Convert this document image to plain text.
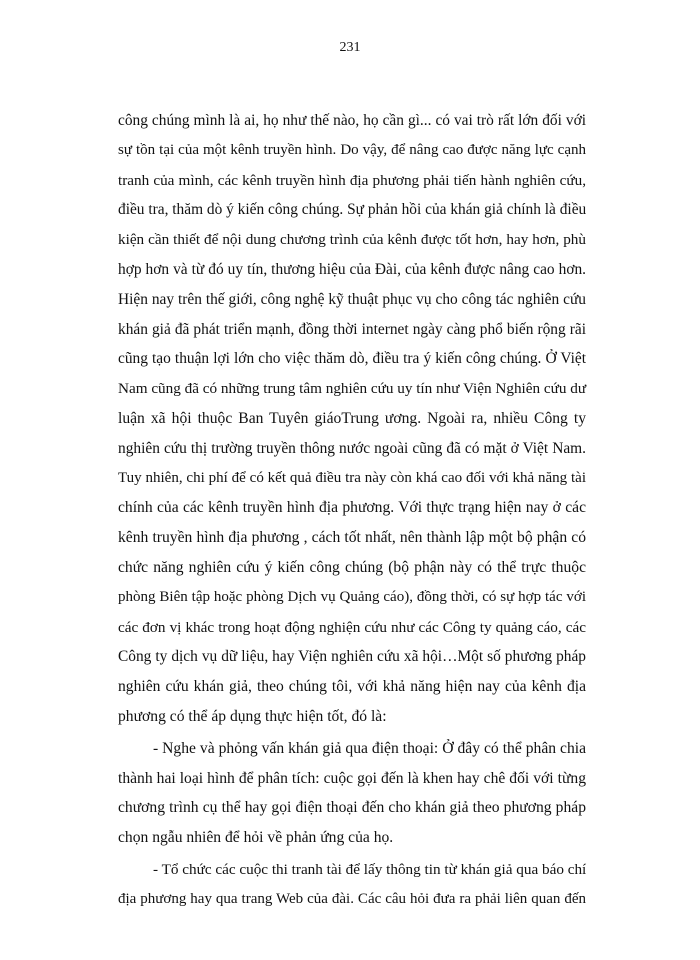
231
công chúng mình là ai, họ như thế nào, họ cần gì... có vai trò rất lớn đối với
sự tồn tại của một kênh truyền hình. Do vậy, để nâng cao được năng lực cạnh
tranh của mình, các kênh truyền hình địa phương phải tiến hành nghiên cứu,
điều tra, thăm dò ý kiến công chúng. Sự phản hồi của khán giả chính là điều
kiện cần thiết để nội dung chương trình của kênh được tốt hơn, hay hơn, phù
hợp hơn và từ đó uy tín, thương hiệu của Đài, của kênh được nâng cao hơn.
Hiện nay trên thế giới, công nghệ kỹ thuật phục vụ cho công tác nghiên cứu
khán giả đã phát triển mạnh, đồng thời internet ngày càng phổ biến rộng rãi
cũng tạo thuận lợi lớn cho việc thăm dò, điều tra ý kiến công chúng. Ở Việt
Nam cũng đã có những trung tâm nghiên cứu uy tín như Viện Nghiên cứu dư
luận xã hội thuộc Ban Tuyên giáoTrung ương. Ngoài ra, nhiều Công ty
nghiên cứu thị trường truyền thông nước ngoài cũng đã có mặt ở Việt Nam.
Tuy nhiên, chi phí để có kết quả điều tra này còn khá cao đối với khả năng tài
chính của các kênh truyền hình địa phương. Với thực trạng hiện nay ở các
kênh truyền hình địa phương , cách tốt nhất, nên thành lập một bộ phận có
chức năng nghiên cứu ý kiến công chúng (bộ phận này có thể trực thuộc
phòng Biên tập hoặc phòng Dịch vụ Quảng cáo), đồng thời, có sự hợp tác với
các đơn vị khác trong hoạt động nghiện cứu như các Công ty quảng cáo, các
Công ty dịch vụ dữ liệu, hay Viện nghiên cứu xã hội…Một số phương pháp
nghiên cứu khán giả, theo chúng tôi, với khả năng hiện nay của kênh địa
phương có thể áp dụng thực hiện tốt, đó là:
- Nghe và phỏng vấn khán giả qua điện thoại: Ở đây có thể phân chia
thành hai loại hình để phân tích: cuộc gọi đến là khen hay chê đối với từng
chương trình cụ thể hay gọi điện thoại đến cho khán giả theo phương pháp
chọn ngẫu nhiên để hỏi về phản ứng của họ.
- Tổ chức các cuộc thi tranh tài để lấy thông tin từ khán giả qua báo chí
địa phương hay qua trang Web của đài. Các câu hỏi đưa ra phải liên quan đến
